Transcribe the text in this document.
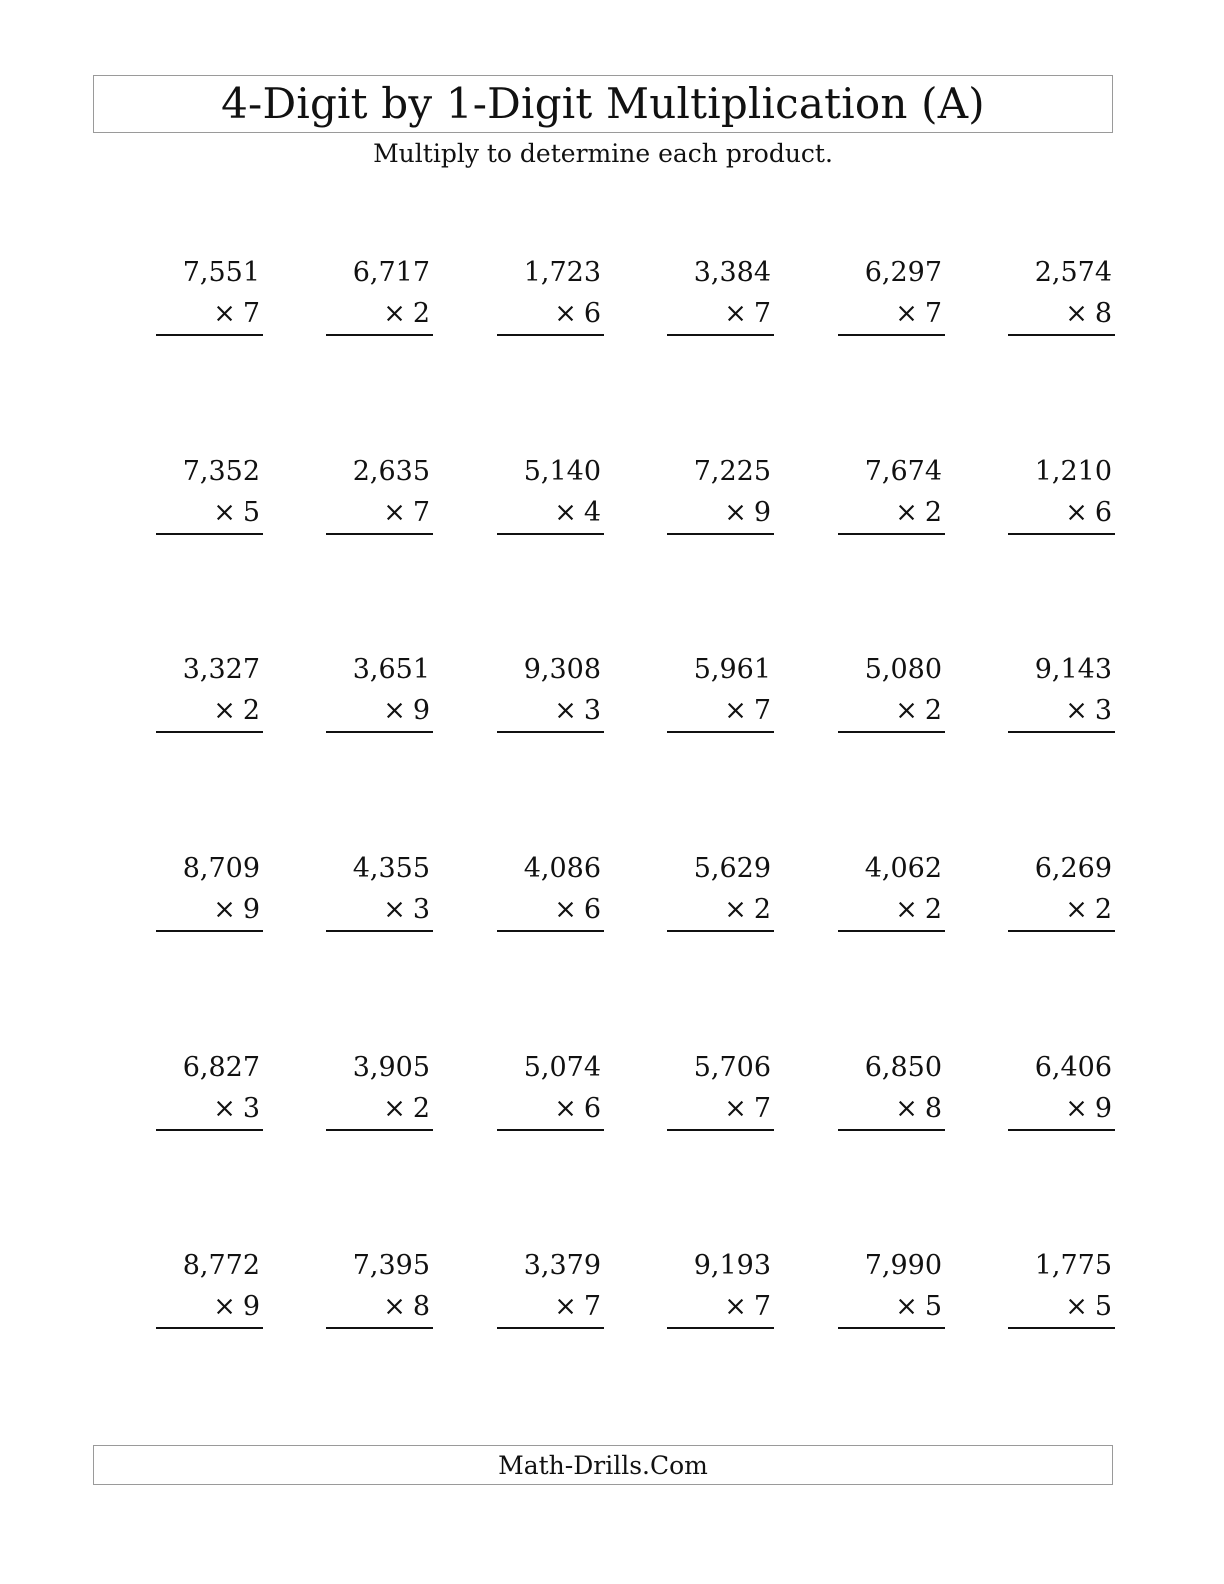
4-Digit by 1-Digit Multiplication (A)
Multiply to determine each product.
7,551
× 7
6,717
× 2
1,723
× 6
3,384
× 7
6,297
× 7
2,574
× 8
7,352
× 5
2,635
× 7
5,140
× 4
7,225
× 9
7,674
× 2
1,210
× 6
3,327
× 2
3,651
× 9
9,308
× 3
5,961
× 7
5,080
× 2
9,143
× 3
8,709
× 9
4,355
× 3
4,086
× 6
5,629
× 2
4,062
× 2
6,269
× 2
6,827
× 3
3,905
× 2
5,074
× 6
5,706
× 7
6,850
× 8
6,406
× 9
8,772
× 9
7,395
× 8
3,379
× 7
9,193
× 7
7,990
× 5
1,775
× 5
Math-Drills.Com
